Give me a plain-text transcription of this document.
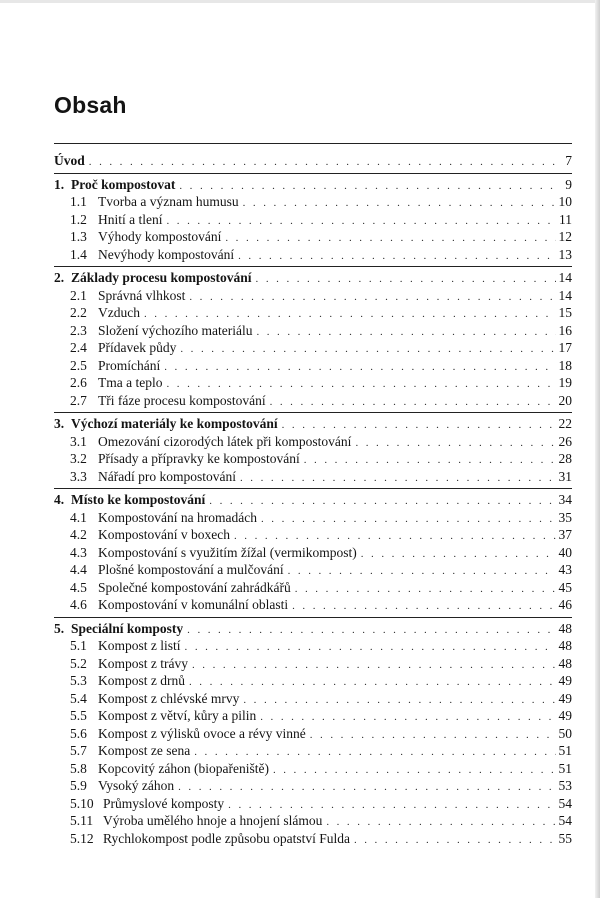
Obsah
Úvod . . .	7
1. Proč kompostovat . . .	9
1.1 Tvorba a význam humusu . . .	10
1.2 Hnití a tlení . . .	11
1.3 Výhody kompostování . . .	12
1.4 Nevýhody kompostování . . .	13
2. Základy procesu kompostování . . .	14
2.1 Správná vlhkost . . .	14
2.2 Vzduch . . .	15
2.3 Složení výchozího materiálu . . .	16
2.4 Přídavek půdy . . .	17
2.5 Promíchání . . .	18
2.6 Tma a teplo . . .	19
2.7 Tři fáze procesu kompostování . . .	20
3. Výchozí materiály ke kompostování . . .	22
3.1 Omezování cizorodých látek při kompostování . . .	26
3.2 Přísady a přípravky ke kompostování . . .	28
3.3 Nářadí pro kompostování . . .	31
4. Místo ke kompostování . . .	34
4.1 Kompostování na hromadách . . .	35
4.2 Kompostování v boxech . . .	37
4.3 Kompostování s využitím žížal (vermikompost) . . .	40
4.4 Plošné kompostování a mulčování . . .	43
4.5 Společné kompostování zahrádkářů . . .	45
4.6 Kompostování v komunální oblasti . . .	46
5. Speciální komposty . . .	48
5.1 Kompost z listí . . .	48
5.2 Kompost z trávy . . .	48
5.3 Kompost z drnů . . .	49
5.4 Kompost z chlévské mrvy . . .	49
5.5 Kompost z větví, kůry a pilin . . .	49
5.6 Kompost z výlisků ovoce a révy vinné . . .	50
5.7 Kompost ze sena . . .	51
5.8 Kopcovitý záhon (biopařeniště) . . .	51
5.9 Vysoký záhon . . .	53
5.10 Průmyslové komposty . . .	54
5.11 Výroba umělého hnoje a hnojení slámou . . .	54
5.12 Rychlokompost podle způsobu opatství Fulda . . .	55
